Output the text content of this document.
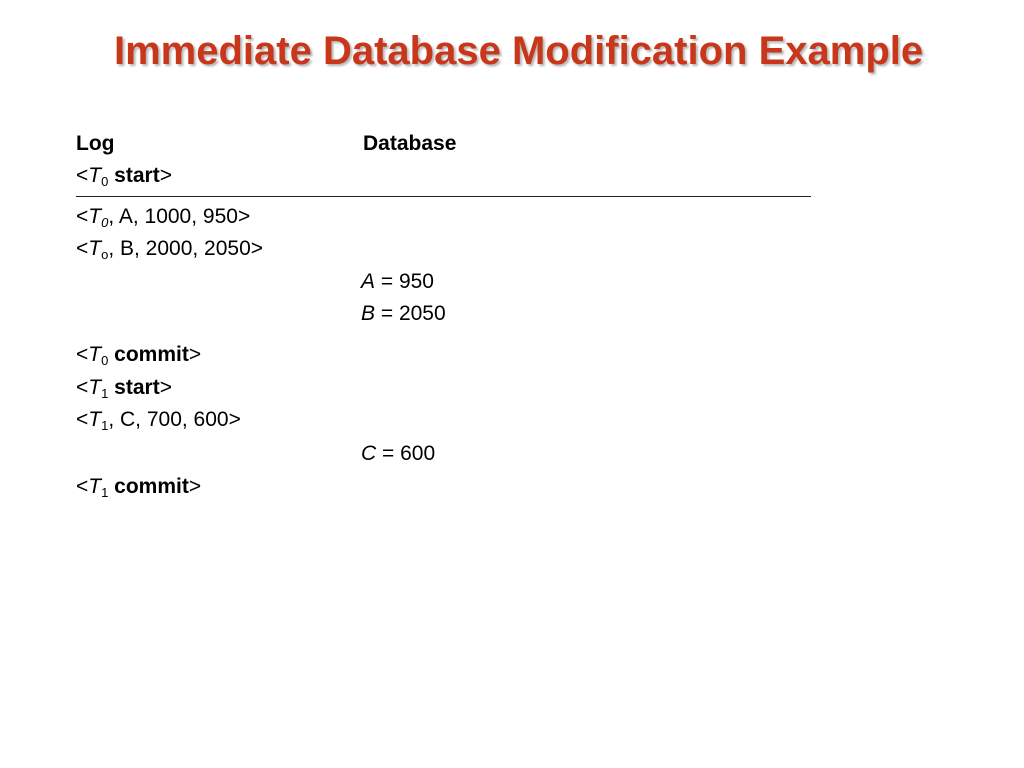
Immediate Database Modification Example
Log	Database
$<T_0$ start>
$<T_0$, A, 1000, 950>
$<T_o$, B, 2000, 2050>
A = 950
B = 2050
$<T_0$ commit>
$<T_1$ start>
$<T_1$, C, 700, 600>
C = 600
$<T_1$ commit>
